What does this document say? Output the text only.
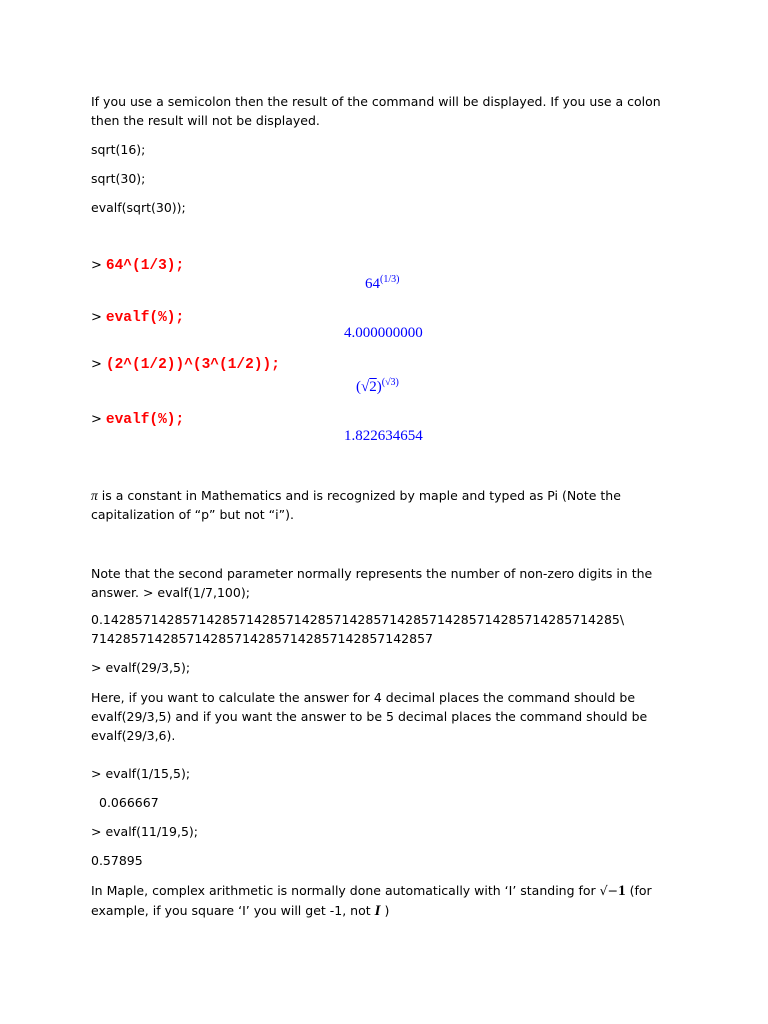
If you use a semicolon then the result of the command will be displayed. If you use a colon then the result will not be displayed.

sqrt(16);
sqrt(30);
evalf(sqrt(30));
> 64^(1/3);
$64^{(1/3)}$
> evalf(%);
4.000000000
> (2^(1/2))^(3^(1/2));
$(√2)^{(√3)}$
> evalf(%);
1.822634654

π is a constant in Mathematics and is recognized by maple and typed as Pi (Note the capitalization of “p” but not “i”).

Note that the second parameter normally represents the number of non-zero digits in the answer. > evalf(1/7,100);

0.14285714285714285714285714285714285714285714285714285714285714285\
7142857142857142857142857142857142857142857
> evalf(29/3,5);

Here, if you want to calculate the answer for 4 decimal places the command should be evalf(29/3,5) and if you want the answer to be 5 decimal places the command should be evalf(29/3,6).

> evalf(1/15,5);
0.066667
> evalf(11/19,5);
0.57895

In Maple, complex arithmetic is normally done automatically with ‘I’ standing for √−1 (for example, if you square ‘I’ you will get -1, not I )
